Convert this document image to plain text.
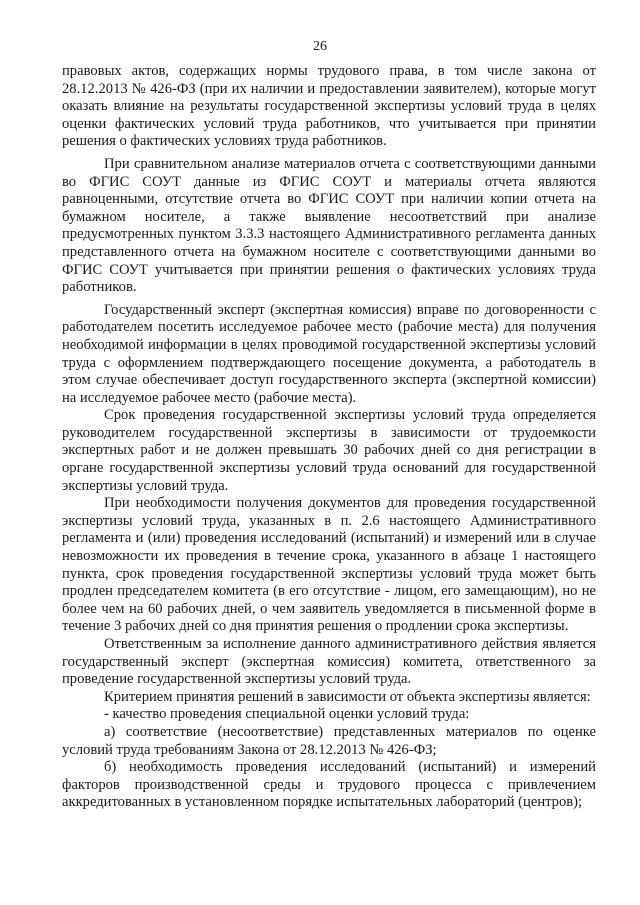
26

правовых актов, содержащих нормы трудового права, в том числе закона от 28.12.2013 № 426-ФЗ (при их наличии и предоставлении заявителем), которые могут оказать влияние на результаты государственной экспертизы условий труда в целях оценки фактических условий труда работников, что учитывается при принятии решения о фактических условиях труда работников.

При сравнительном анализе материалов отчета с соответствующими данными во ФГИС СОУТ данные из ФГИС СОУТ и материалы отчета являются равноценными, отсутствие отчета во ФГИС СОУТ при наличии копии отчета на бумажном носителе, а также выявление несоответствий при анализе предусмотренных пунктом 3.3.3 настоящего Административного регламента данных представленного отчета на бумажном носителе с соответствующими данными во ФГИС СОУТ учитывается при принятии решения о фактических условиях труда работников.

Государственный эксперт (экспертная комиссия) вправе по договоренности с работодателем посетить исследуемое рабочее место (рабочие места) для получения необходимой информации в целях проводимой государственной экспертизы условий труда с оформлением подтверждающего посещение документа, а работодатель в этом случае обеспечивает доступ государственного эксперта (экспертной комиссии) на исследуемое рабочее место (рабочие места).

Срок проведения государственной экспертизы условий труда определяется руководителем государственной экспертизы в зависимости от трудоемкости экспертных работ и не должен превышать 30 рабочих дней со дня регистрации в органе государственной экспертизы условий труда оснований для государственной экспертизы условий труда.

При необходимости получения документов для проведения государственной экспертизы условий труда, указанных в п. 2.6 настоящего Административного регламента и (или) проведения исследований (испытаний) и измерений или в случае невозможности их проведения в течение срока, указанного в абзаце 1 настоящего пункта, срок проведения государственной экспертизы условий труда может быть продлен председателем комитета (в его отсутствие - лицом, его замещающим), но не более чем на 60 рабочих дней, о чем заявитель уведомляется в письменной форме в течение 3 рабочих дней со дня принятия решения о продлении срока экспертизы.

Ответственным за исполнение данного административного действия является государственный эксперт (экспертная комиссия) комитета, ответственного за проведение государственной экспертизы условий труда.

Критерием принятия решений в зависимости от объекта экспертизы является:

- качество проведения специальной оценки условий труда:

а) соответствие (несоответствие) представленных материалов по оценке условий труда требованиям Закона от 28.12.2013 № 426-ФЗ;

б) необходимость проведения исследований (испытаний) и измерений факторов производственной среды и трудового процесса с привлечением аккредитованных в установленном порядке испытательных лабораторий (центров);
